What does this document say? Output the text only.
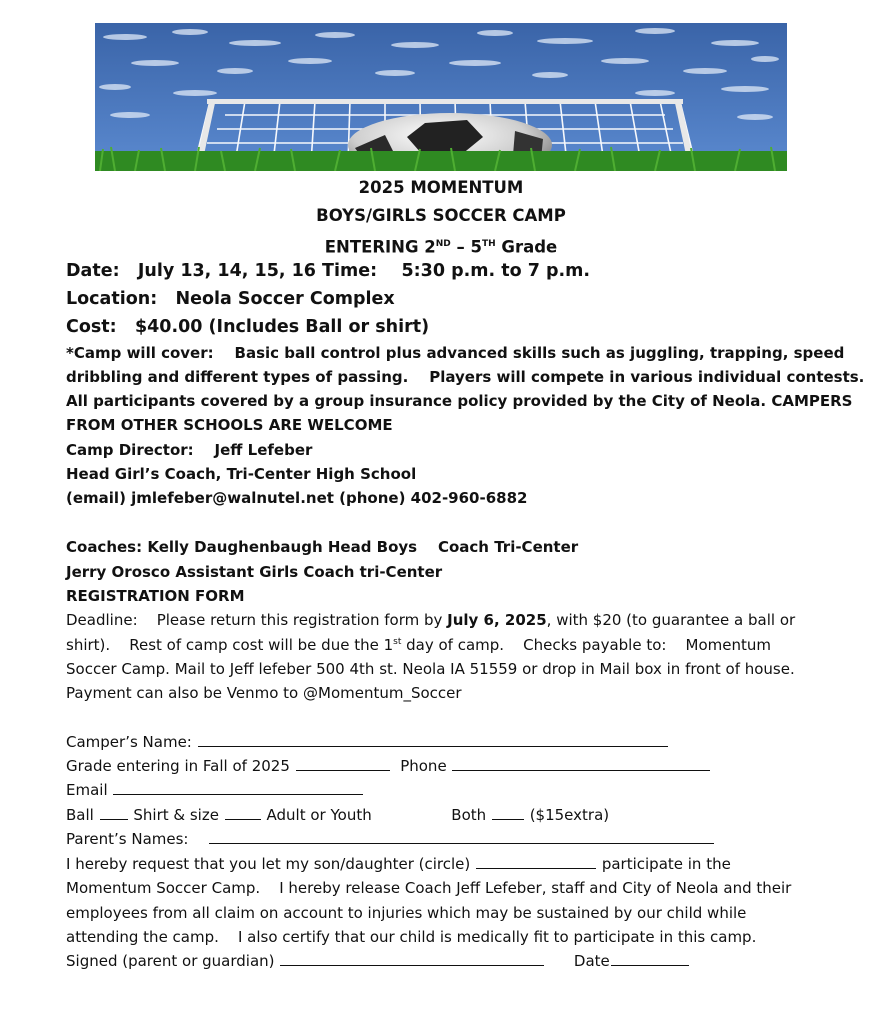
2025 MOMENTUM
BOYS/GIRLS SOCCER CAMP
ENTERING 2ND – 5TH Grade
Date: July 13, 14, 15, 16 Time: 5:30 p.m. to 7 p.m.
Location: Neola Soccer Complex
Cost: $40.00 (Includes Ball or shirt)
*Camp will cover: Basic ball control plus advanced skills such as juggling, trapping, speed
dribbling and different types of passing.    Players will compete in various individual contests.
All participants covered by a group insurance policy provided by the City of Neola. CAMPERS
FROM OTHER SCHOOLS ARE WELCOME
Camp Director: Jeff Lefeber
Head Girl’s Coach, Tri-Center High School
(email) jmlefeber@walnutel.net (phone) 402-960-6882
Coaches: Kelly Daughenbaugh Head Boys Coach Tri-Center
Jerry Orosco Assistant Girls Coach tri-Center
REGISTRATION FORM
Deadline: Please return this registration form by July 6, 2025, with $20 (to guarantee a ball or
shirt).    Rest of camp cost will be due the 1st day of camp.    Checks payable to:    Momentum
Soccer Camp. Mail to Jeff lefeber 500 4th st. Neola IA 51559 or drop in Mail box in front of house.
Payment can also be Venmo to @Momentum_Soccer
Camper’s Name:
Grade entering in Fall of 2025	Phone
Email
Ball	Shirt & size	Adult or Youth	Both	($15extra)
Parent’s Names:
I hereby request that you let my son/daughter (circle)	participate in the
Momentum Soccer Camp.    I hereby release Coach Jeff Lefeber, staff and City of Neola and their
employees from all claim on account to injuries which may be sustained by our child while
attending the camp.    I also certify that our child is medically fit to participate in this camp.
Signed (parent or guardian)	Date
